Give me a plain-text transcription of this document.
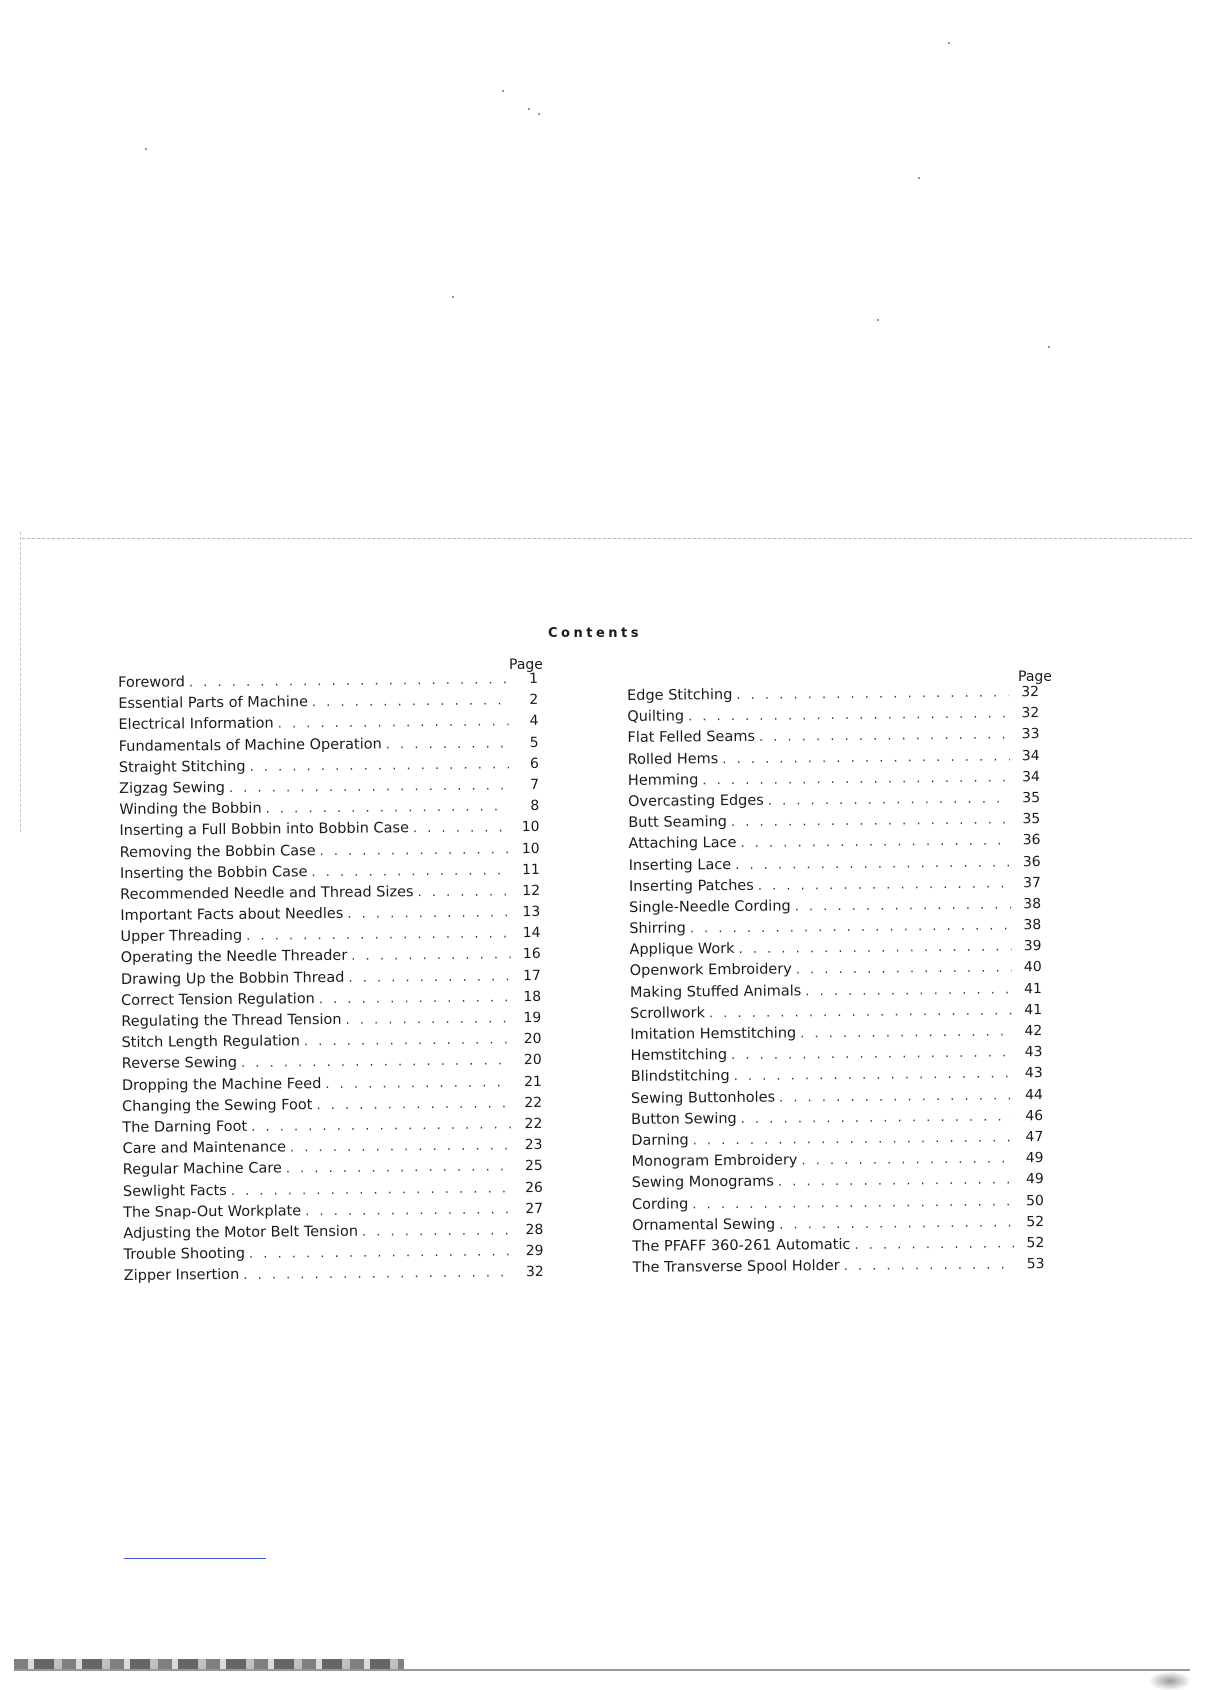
Contents
Page
Page
Foreword . . .	1
Essential Parts of Machine . . .	2
Electrical Information . . .	4
Fundamentals of Machine Operation . . .	5
Straight Stitching . . .	6
Zigzag Sewing . . .	7
Winding the Bobbin . . .	8
Inserting a Full Bobbin into Bobbin Case . . .	10
Removing the Bobbin Case . . .	10
Inserting the Bobbin Case . . .	11
Recommended Needle and Thread Sizes . . .	12
Important Facts about Needles . . .	13
Upper Threading . . .	14
Operating the Needle Threader . . .	16
Drawing Up the Bobbin Thread . . .	17
Correct Tension Regulation . . .	18
Regulating the Thread Tension . . .	19
Stitch Length Regulation . . .	20
Reverse Sewing . . .	20
Dropping the Machine Feed . . .	21
Changing the Sewing Foot . . .	22
The Darning Foot . . .	22
Care and Maintenance . . .	23
Regular Machine Care . . .	25
Sewlight Facts . . .	26
The Snap-Out Workplate . . .	27
Adjusting the Motor Belt Tension . . .	28
Trouble Shooting . . .	29
Zipper Insertion . . .	32
Edge Stitching . . .	32
Quilting . . .	32
Flat Felled Seams . . .	33
Rolled Hems . . .	34
Hemming . . .	34
Overcasting Edges . . .	35
Butt Seaming . . .	35
Attaching Lace . . .	36
Inserting Lace . . .	36
Inserting Patches . . .	37
Single-Needle Cording . . .	38
Shirring . . .	38
Applique Work . . .	39
Openwork Embroidery . . .	40
Making Stuffed Animals . . .	41
Scrollwork . . .	41
Imitation Hemstitching . . .	42
Hemstitching . . .	43
Blindstitching . . .	43
Sewing Buttonholes . . .	44
Button Sewing . . .	46
Darning . . .	47
Monogram Embroidery . . .	49
Sewing Monograms . . .	49
Cording . . .	50
Ornamental Sewing . . .	52
The PFAFF 360-261 Automatic . . .	52
The Transverse Spool Holder . . .	53
